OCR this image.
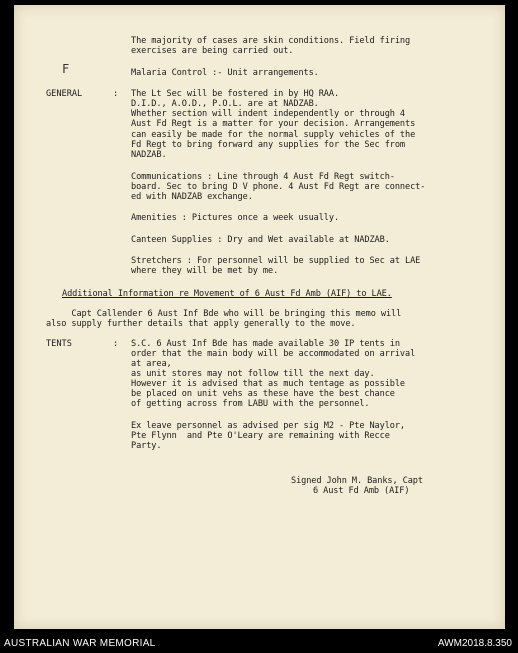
The majority of cases are skin conditions. Field firing
exercises are being carried out.
F	Malaria Control :- Unit arrangements.
GENERAL	: The Lt Sec will be fostered in by HQ RAA.
D.I.D., A.O.D., P.O.L. are at NADZAB.
Whether section will indent independently or through 4
Aust Fd Regt is a matter for your decision. Arrangements
can easily be made for the normal supply vehicles of the
Fd Regt to bring forward any supplies for the Sec from
NADZAB.
Communications : Line through 4 Aust Fd Regt switch-
board. Sec to bring D V phone. 4 Aust Fd Regt are connect-
ed with NADZAB exchange.
Amenities : Pictures once a week usually.
Canteen Supplies : Dry and Wet available at NADZAB.
Stretchers : For personnel will be supplied to Sec at LAE
where they will be met by me.
Additional Information re Movement of 6 Aust Fd Amb (AIF) to LAE.
Capt Callender 6 Aust Inf Bde who will be bringing this memo will
also supply further details that apply generally to the move.
TENTS	: S.C. 6 Aust Inf Bde has made available 30 IP tents in
order that the main body will be accommodated on arrival
at area,
as unit stores may not follow till the next day.
However it is advised that as much tentage as possible
be placed on unit vehs as these have the best chance
of getting across from LABU with the personnel.
Ex leave personnel as advised per sig M2 - Pte Naylor,
Pte Flynn  and Pte O'Leary are remaining with Recce
Party.
Signed John M. Banks, Capt
6 Aust Fd Amb (AIF)
AUSTRALIAN WAR MEMORIAL	AWM2018.8.350
